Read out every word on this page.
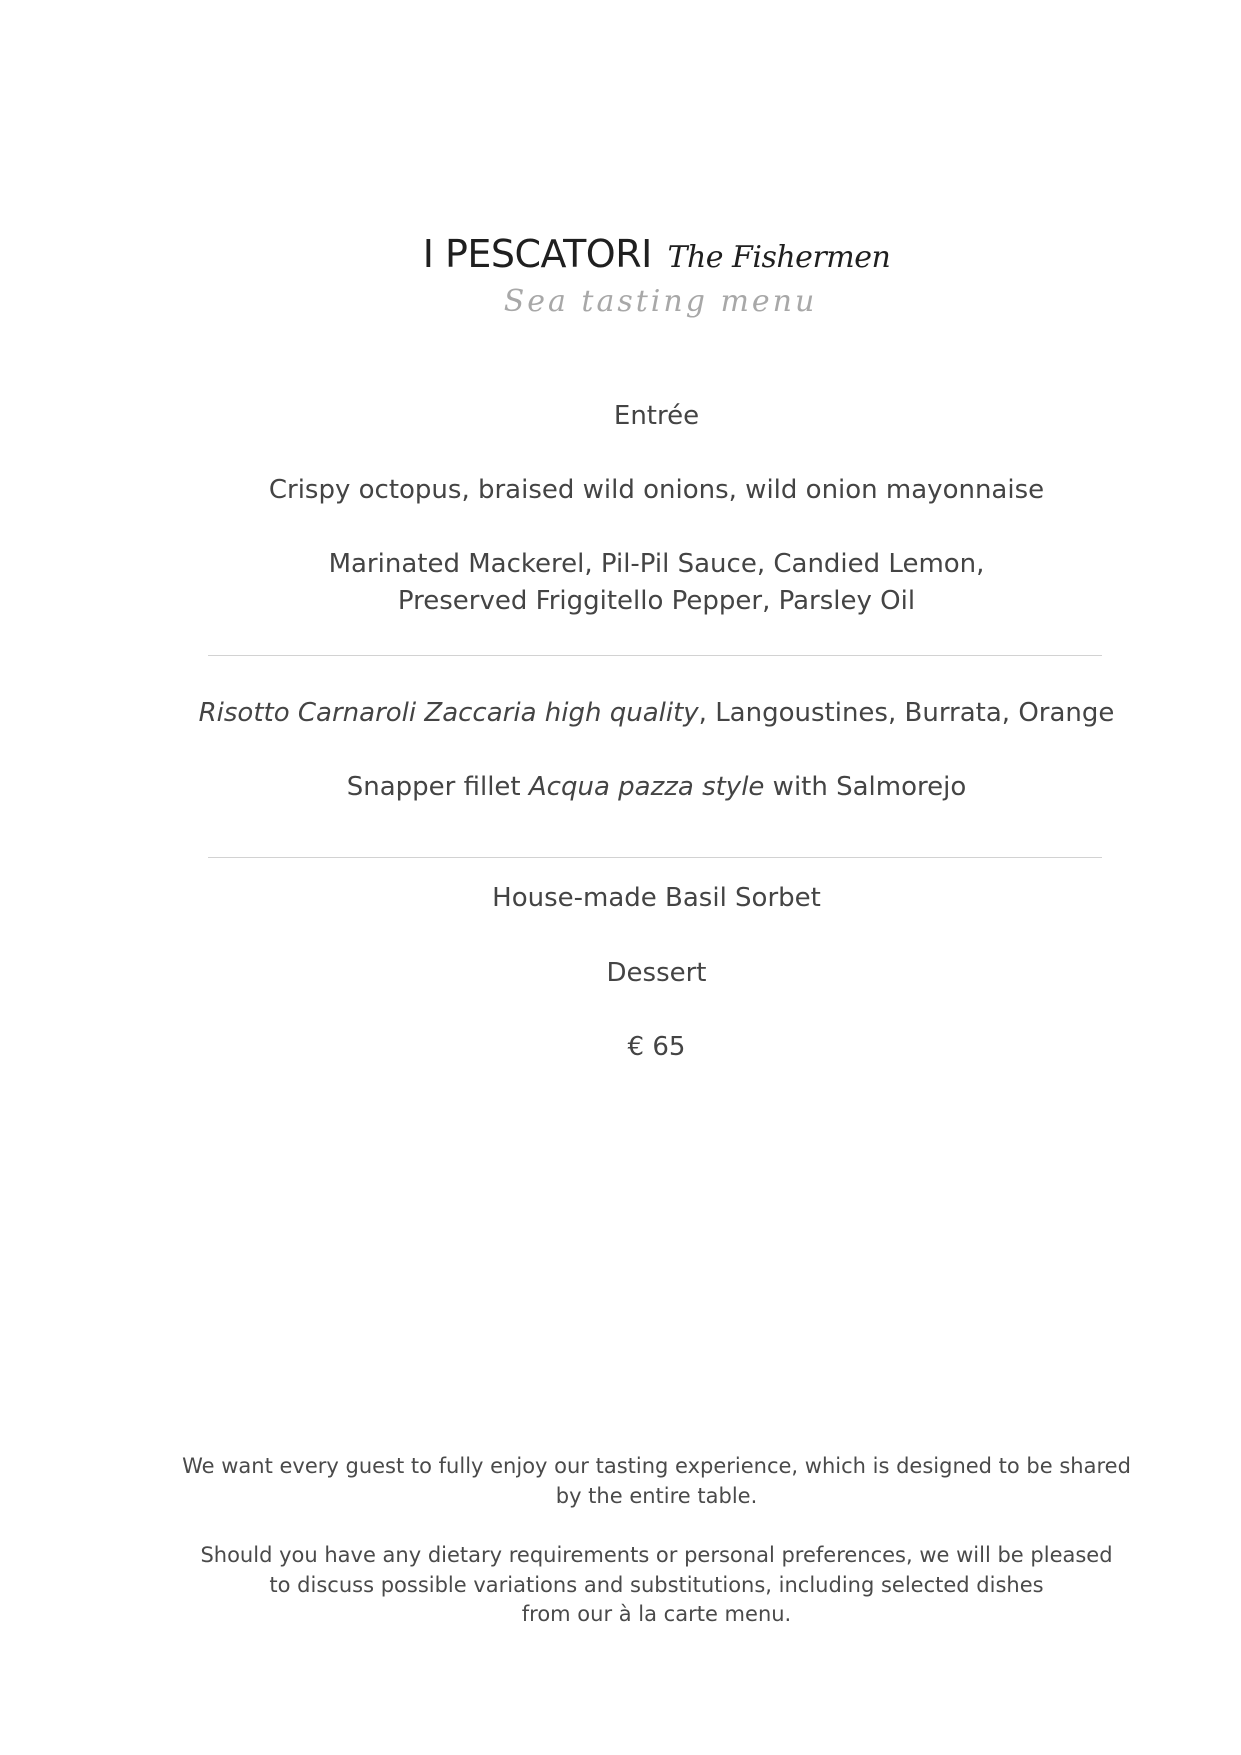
I PESCATORI The Fishermen
Sea tasting menu
Entrée
Crispy octopus, braised wild onions, wild onion mayonnaise
Marinated Mackerel, Pil-Pil Sauce, Candied Lemon,
Preserved Friggitello Pepper, Parsley Oil
Risotto Carnaroli Zaccaria high quality, Langoustines, Burrata, Orange
Snapper fillet Acqua pazza style with Salmorejo
House-made Basil Sorbet
Dessert
€ 65
We want every guest to fully enjoy our tasting experience, which is designed to be shared
by the entire table.
Should you have any dietary requirements or personal preferences, we will be pleased
to discuss possible variations and substitutions, including selected dishes
from our à la carte menu.
